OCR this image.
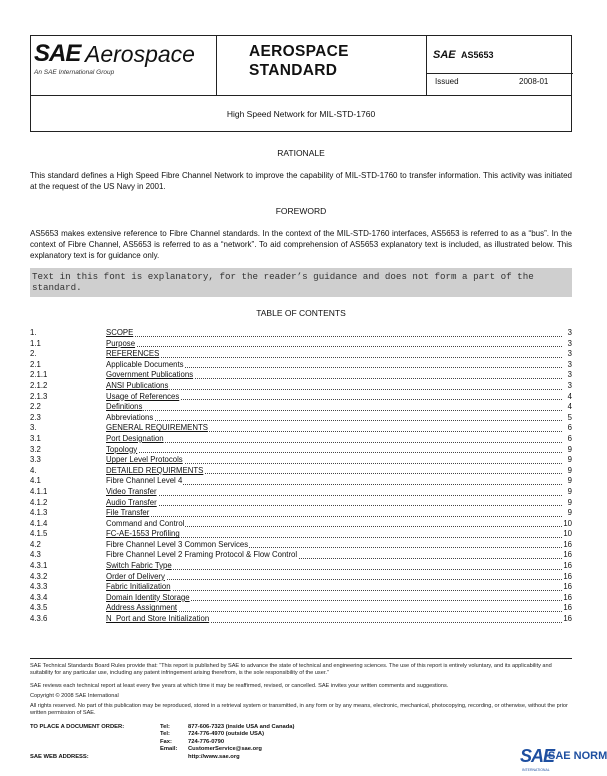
SAE Aerospace
An SAE International Group
AEROSPACE
STANDARD
SAE AS5653
Issued	2008-01
High Speed Network for MIL-STD-1760
RATIONALE
This standard defines a High Speed Fibre Channel Network to improve the capability of MIL-STD-1760 to transfer information. This activity was initiated at the request of the US Navy in 2001.
FOREWORD
AS5653 makes extensive reference to Fibre Channel standards. In the context of the MIL-STD-1760 interfaces, AS5653 is referred to as a “bus”. In the context of Fibre Channel, AS5653 is referred to as a “network”. To aid comprehension of AS5653 explanatory text is included, as illustrated below. This explanatory text is for guidance only.
Text in this font is explanatory, for the reader’s guidance and does not form a part of the standard.
TABLE OF CONTENTS
1.	SCOPE	3
1.1	Purpose	3
2.	REFERENCES	3
2.1	Applicable Documents	3
2.1.1	Government Publications	3
2.1.2	ANSI Publications	3
2.1.3	Usage of References	4
2.2	Definitions	4
2.3	Abbreviations	5
3.	GENERAL REQUIREMENTS	6
3.1	Port Designation	6
3.2	Topology	9
3.3	Upper Level Protocols	9
4.	DETAILED REQUIRMENTS	9
4.1	Fibre Channel Level 4	9
4.1.1	Video Transfer	9
4.1.2	Audio Transfer	9
4.1.3	File Transfer	9
4.1.4	Command and Control	10
4.1.5	FC-AE-1553 Profiling	10
4.2	Fibre Channel Level 3 Common Services	16
4.3	Fibre Channel Level 2 Framing Protocol & Flow Control	16
4.3.1	Switch Fabric Type	16
4.3.2	Order of Delivery	16
4.3.3	Fabric Initialization	16
4.3.4	Domain Identity Storage	16
4.3.5	Address Assignment	16
4.3.6	N_Port and Store Initialization	16
SAE Technical Standards Board Rules provide that: “This report is published by SAE to advance the state of technical and engineering sciences. The use of this report is entirely voluntary, and its applicability and suitability for any particular use, including any patent infringement arising therefrom, is the sole responsibility of the user.”
SAE reviews each technical report at least every five years at which time it may be reaffirmed, revised, or cancelled. SAE invites your written comments and suggestions.
Copyright © 2008 SAE International
All rights reserved. No part of this publication may be reproduced, stored in a retrieval system or transmitted, in any form or by any means, electronic, mechanical, photocopying, recording, or otherwise, without the prior written permission of SAE.
TO PLACE A DOCUMENT ORDER:	Tel:	877-606-7323 (inside USA and Canada)
Tel:	724-776-4970 (outside USA)
Fax:	724-776-0790
Email: CustomerService@sae.org
SAE WEB ADDRESS:	http://www.sae.org	SAE
SAE NORM
INTERNATIONAL
